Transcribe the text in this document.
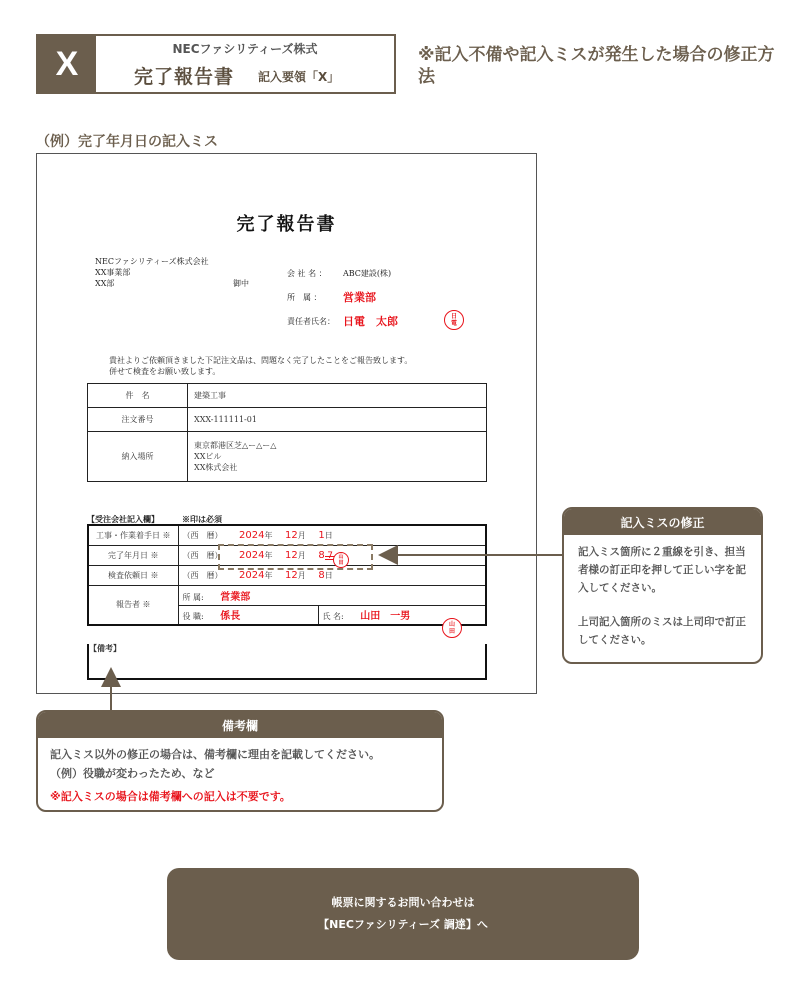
X	NECファシリティーズ株式
完了報告書 記入要領「X」
※記入不備や記入ミスが発生した場合の修正方法
（例）完了年月日の記入ミス
完了報告書
NECファシリティーズ株式会社
XX事業部
XX部	御中
会 社 名 ： ABC建設(株)
所　属 ： 営業部
責任者氏名： 日電　太郎	日
電
貴社よりご依頼頂きました下記注文品は、問題なく完了したことをご報告致します。
併せて検査をお願い致します。
件　名	建築工事
注文番号	XXX-111111-01
納入場所	東京都港区芝△ー△ー△
XXビル
XX株式会社
【受注会社記入欄】	※印は必須
工事・作業着手日 ※	（西　暦） 2024年 12月 1日	
完了年月日 ※	（西　暦） 2024年 12月 8	
検査依頼日 ※	（西　暦） 2024年 12月 8日	
報告者 ※	所 属: 営業部	
	役 職: 係長	氏 名: 山田　一男
山
田
山
田
【備考】
記入ミスの修正

記入ミス箇所に２重線を引き、担当者様の訂正印を押して正しい字を記入してください。

上司記入箇所のミスは上司印で訂正してください。

備考欄
記入ミス以外の修正の場合は、備考欄に理由を記載してください。
（例）役職が変わったため、など
※記入ミスの場合は備考欄への記入は不要です。
帳票に関するお問い合わせは
【NECファシリティーズ 調達】へ
